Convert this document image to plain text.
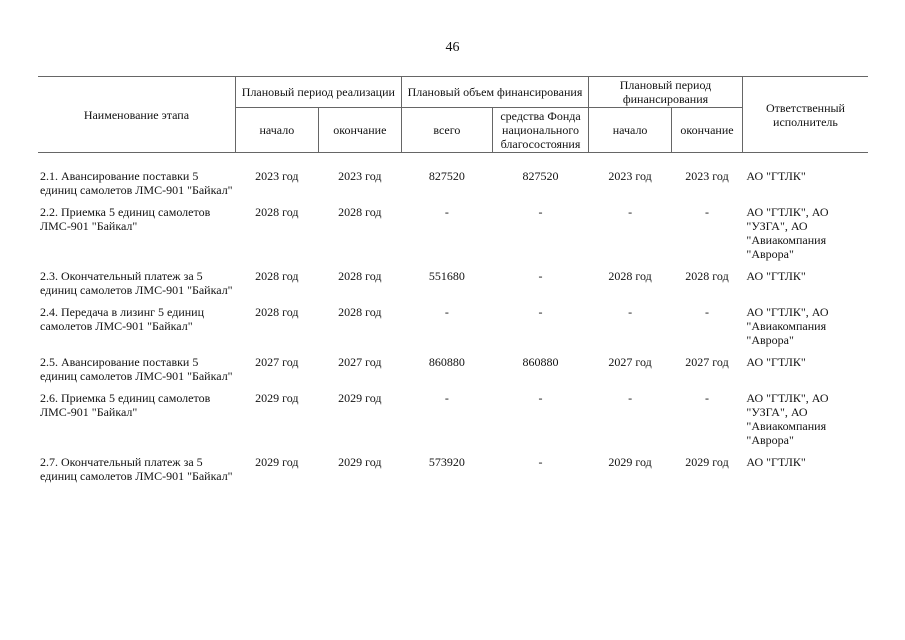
46
Наименование этапа	Плановый период реализации		Плановый объем финансирования		Плановый период финансирования		Ответственный исполнитель
	начало	окончание	всего	средства Фонда национального благосостояния	начало	окончание	

2.1. Авансирование поставки 5 единиц самолетов ЛМС-901 "Байкал"	2023 год	2023 год	827520	827520	2023 год	2023 год	АО "ГТЛК"
2.2. Приемка 5 единиц самолетов ЛМС-901 "Байкал"	2028 год	2028 год	-	-	-	-	АО "ГТЛК", АО "УЗГА", АО "Авиакомпания "Аврора"
2.3. Окончательный платеж за 5 единиц самолетов ЛМС-901 "Байкал"	2028 год	2028 год	551680	-	2028 год	2028 год	АО "ГТЛК"
2.4. Передача в лизинг 5 единиц самолетов ЛМС-901 "Байкал"	2028 год	2028 год	-	-	-	-	АО "ГТЛК", АО "Авиакомпания "Аврора"
2.5. Авансирование поставки 5 единиц самолетов ЛМС-901 "Байкал"	2027 год	2027 год	860880	860880	2027 год	2027 год	АО "ГТЛК"
2.6. Приемка 5 единиц самолетов ЛМС-901 "Байкал"	2029 год	2029 год	-	-	-	-	АО "ГТЛК", АО "УЗГА", АО "Авиакомпания "Аврора"
2.7. Окончательный платеж за 5 единиц самолетов ЛМС-901 "Байкал"	2029 год	2029 год	573920	-	2029 год	2029 год	АО "ГТЛК"
